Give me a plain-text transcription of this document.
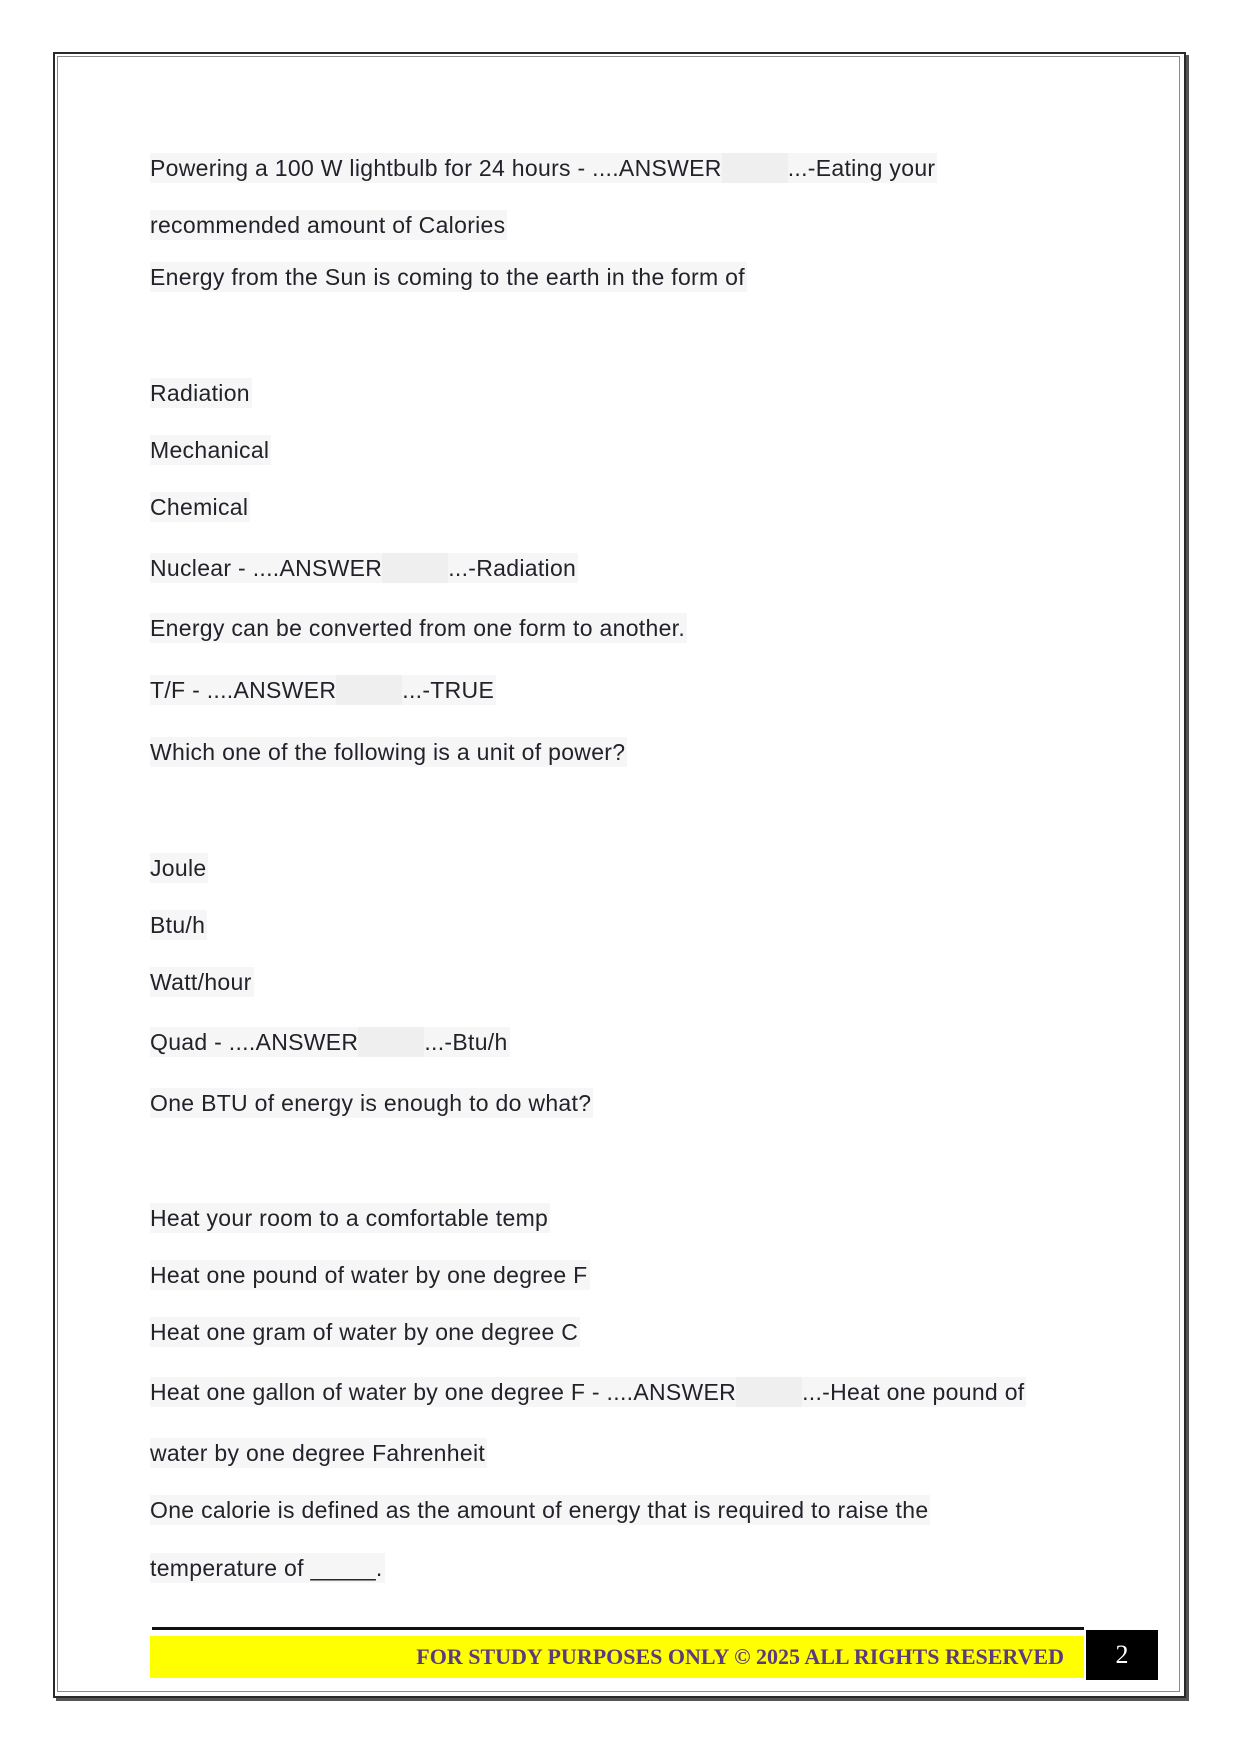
Powering a 100 W lightbulb for 24 hours - ....ANSWER	...-Eating your
recommended amount of Calories
Energy from the Sun is coming to the earth in the form of
Radiation
Mechanical
Chemical
Nuclear - ....ANSWER	...-Radiation
Energy can be converted from one form to another.
T/F - ....ANSWER	...-TRUE
Which one of the following is a unit of power?
Joule
Btu/h
Watt/hour
Quad - ....ANSWER	...-Btu/h
One BTU of energy is enough to do what?
Heat your room to a comfortable temp
Heat one pound of water by one degree F
Heat one gram of water by one degree C
Heat one gallon of water by one degree F - ....ANSWER	...-Heat one pound of
water by one degree Fahrenheit
One calorie is defined as the amount of energy that is required to raise the
temperature of _____.
FOR STUDY PURPOSES ONLY © 2025 ALL RIGHTS RESERVED	2
